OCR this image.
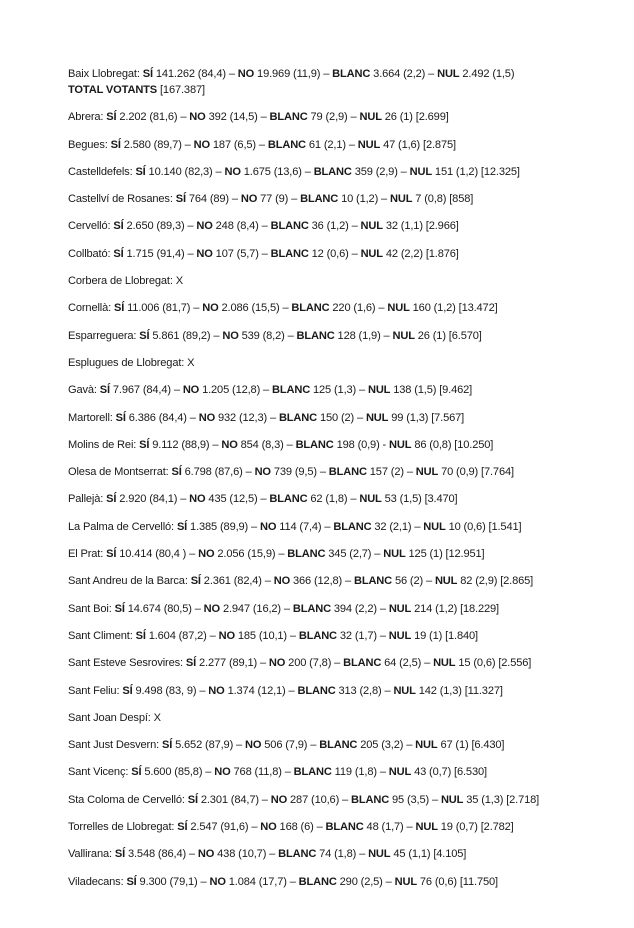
Baix Llobregat: SÍ 141.262 (84,4) – NO 19.969 (11,9) – BLANC 3.664 (2,2) – NUL 2.492 (1,5)
TOTAL VOTANTS [167.387]
Abrera: SÍ 2.202 (81,6) – NO 392 (14,5) – BLANC 79 (2,9) – NUL 26 (1) [2.699]
Begues: SÍ 2.580 (89,7) – NO 187 (6,5) – BLANC 61 (2,1) – NUL 47 (1,6) [2.875]
Castelldefels: SÍ 10.140 (82,3) – NO 1.675 (13,6) – BLANC 359 (2,9) – NUL 151 (1,2) [12.325]
Castellví de Rosanes: SÍ 764 (89) – NO 77 (9) – BLANC 10 (1,2) – NUL 7 (0,8) [858]
Cervelló: SÍ 2.650 (89,3) – NO 248 (8,4) – BLANC 36 (1,2) – NUL 32 (1,1) [2.966]
Collbató: SÍ 1.715 (91,4) – NO 107 (5,7) – BLANC 12 (0,6) – NUL 42 (2,2) [1.876]
Corbera de Llobregat: X
Cornellà: SÍ 11.006 (81,7) – NO 2.086 (15,5) – BLANC 220 (1,6) – NUL 160 (1,2) [13.472]
Esparreguera: SÍ 5.861 (89,2) – NO 539 (8,2) – BLANC 128 (1,9) – NUL 26 (1) [6.570]
Esplugues de Llobregat: X
Gavà: SÍ 7.967 (84,4) – NO 1.205 (12,8) – BLANC 125 (1,3) – NUL 138 (1,5) [9.462]
Martorell: SÍ 6.386 (84,4) – NO 932 (12,3) – BLANC 150 (2) – NUL 99 (1,3) [7.567]
Molins de Rei: SÍ 9.112 (88,9) – NO 854 (8,3) – BLANC 198 (0,9) - NUL 86 (0,8) [10.250]
Olesa de Montserrat: SÍ 6.798 (87,6) – NO 739 (9,5) – BLANC 157 (2) – NUL 70 (0,9) [7.764]
Pallejà: SÍ 2.920 (84,1) – NO 435 (12,5) – BLANC 62 (1,8) – NUL 53 (1,5) [3.470]
La Palma de Cervelló: SÍ 1.385 (89,9) – NO 114 (7,4) – BLANC 32 (2,1) – NUL 10 (0,6) [1.541]
El Prat: SÍ 10.414 (80,4 ) – NO 2.056 (15,9) – BLANC 345 (2,7) – NUL 125 (1) [12.951]
Sant Andreu de la Barca: SÍ 2.361 (82,4) – NO 366 (12,8) – BLANC 56 (2) – NUL 82 (2,9) [2.865]
Sant Boi: SÍ 14.674 (80,5) – NO 2.947 (16,2) – BLANC 394 (2,2) – NUL 214 (1,2) [18.229]
Sant Climent: SÍ 1.604 (87,2) – NO 185 (10,1) – BLANC 32 (1,7) – NUL 19 (1) [1.840]
Sant Esteve Sesrovires: SÍ 2.277 (89,1) – NO 200 (7,8) – BLANC 64 (2,5) – NUL 15 (0,6) [2.556]
Sant Feliu: SÍ 9.498 (83, 9) – NO 1.374 (12,1) – BLANC 313 (2,8) – NUL 142 (1,3) [11.327]
Sant Joan Despí: X
Sant Just Desvern: SÍ 5.652 (87,9) – NO 506 (7,9) – BLANC 205 (3,2) – NUL 67 (1) [6.430]
Sant Vicenç: SÍ 5.600 (85,8) – NO 768 (11,8) – BLANC 119 (1,8) – NUL 43 (0,7) [6.530]
Sta Coloma de Cervelló: SÍ 2.301 (84,7) – NO 287 (10,6) – BLANC 95 (3,5) – NUL 35 (1,3) [2.718]
Torrelles de Llobregat: SÍ 2.547 (91,6) – NO 168 (6) – BLANC 48 (1,7) – NUL 19 (0,7) [2.782]
Vallirana: SÍ 3.548 (86,4) – NO 438 (10,7) – BLANC 74 (1,8) – NUL 45 (1,1) [4.105]
Viladecans: SÍ 9.300 (79,1) – NO 1.084 (17,7) – BLANC 290 (2,5) – NUL 76 (0,6) [11.750]
